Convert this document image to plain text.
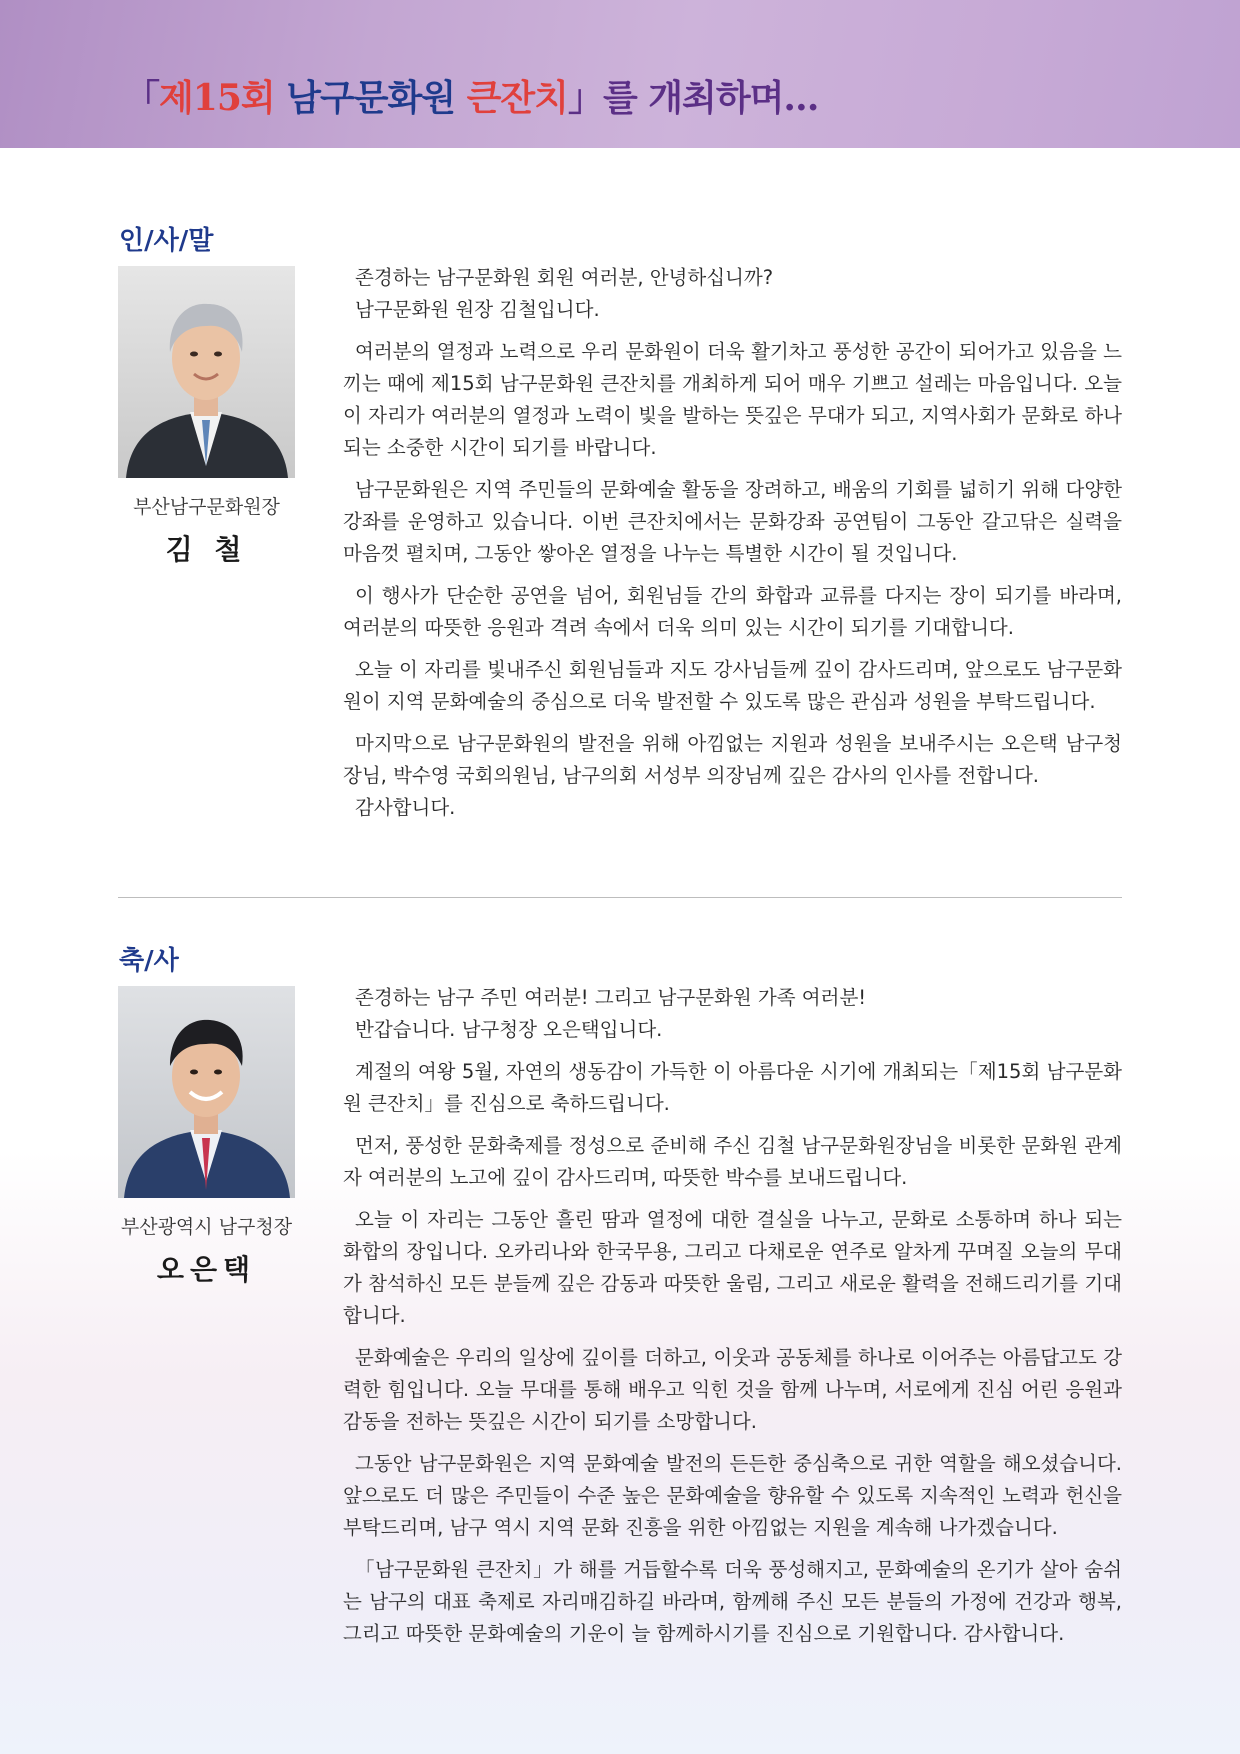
「제15회 남구문화원 큰잔치」를 개최하며…
인/사/말
부산남구문화원장
김 철

존경하는 남구문화원 회원 여러분, 안녕하십니까?

남구문화원 원장 김철입니다.

여러분의 열정과 노력으로 우리 문화원이 더욱 활기차고 풍성한 공간이 되어가고 있음을 느끼는 때에 제15회 남구문화원 큰잔치를 개최하게 되어 매우 기쁘고 설레는 마음입니다. 오늘 이 자리가 여러분의 열정과 노력이 빛을 발하는 뜻깊은 무대가 되고, 지역사회가 문화로 하나 되는 소중한 시간이 되기를 바랍니다.

남구문화원은 지역 주민들의 문화예술 활동을 장려하고, 배움의 기회를 넓히기 위해 다양한 강좌를 운영하고 있습니다. 이번 큰잔치에서는 문화강좌 공연팀이 그동안 갈고닦은 실력을 마음껏 펼치며, 그동안 쌓아온 열정을 나누는 특별한 시간이 될 것입니다.

이 행사가 단순한 공연을 넘어, 회원님들 간의 화합과 교류를 다지는 장이 되기를 바라며, 여러분의 따뜻한 응원과 격려 속에서 더욱 의미 있는 시간이 되기를 기대합니다.

오늘 이 자리를 빛내주신 회원님들과 지도 강사님들께 깊이 감사드리며, 앞으로도 남구문화원이 지역 문화예술의 중심으로 더욱 발전할 수 있도록 많은 관심과 성원을 부탁드립니다.

마지막으로 남구문화원의 발전을 위해 아낌없는 지원과 성원을 보내주시는 오은택 남구청장님, 박수영 국회의원님, 남구의회 서성부 의장님께 깊은 감사의 인사를 전합니다.

감사합니다.

축/사
부산광역시 남구청장
오은택

존경하는 남구 주민 여러분! 그리고 남구문화원 가족 여러분!

반갑습니다. 남구청장 오은택입니다.

계절의 여왕 5월, 자연의 생동감이 가득한 이 아름다운 시기에 개최되는「제15회 남구문화원 큰잔치」를 진심으로 축하드립니다.

먼저, 풍성한 문화축제를 정성으로 준비해 주신 김철 남구문화원장님을 비롯한 문화원 관계자 여러분의 노고에 깊이 감사드리며, 따뜻한 박수를 보내드립니다.

오늘 이 자리는 그동안 흘린 땀과 열정에 대한 결실을 나누고, 문화로 소통하며 하나 되는 화합의 장입니다. 오카리나와 한국무용, 그리고 다채로운 연주로 알차게 꾸며질 오늘의 무대가 참석하신 모든 분들께 깊은 감동과 따뜻한 울림, 그리고 새로운 활력을 전해드리기를 기대합니다.

문화예술은 우리의 일상에 깊이를 더하고, 이웃과 공동체를 하나로 이어주는 아름답고도 강력한 힘입니다. 오늘 무대를 통해 배우고 익힌 것을 함께 나누며, 서로에게 진심 어린 응원과 감동을 전하는 뜻깊은 시간이 되기를 소망합니다.

그동안 남구문화원은 지역 문화예술 발전의 든든한 중심축으로 귀한 역할을 해오셨습니다. 앞으로도 더 많은 주민들이 수준 높은 문화예술을 향유할 수 있도록 지속적인 노력과 헌신을 부탁드리며, 남구 역시 지역 문화 진흥을 위한 아낌없는 지원을 계속해 나가겠습니다.

「남구문화원 큰잔치」가 해를 거듭할수록 더욱 풍성해지고, 문화예술의 온기가 살아 숨쉬는 남구의 대표 축제로 자리매김하길 바라며, 함께해 주신 모든 분들의 가정에 건강과 행복, 그리고 따뜻한 문화예술의 기운이 늘 함께하시기를 진심으로 기원합니다. 감사합니다.
